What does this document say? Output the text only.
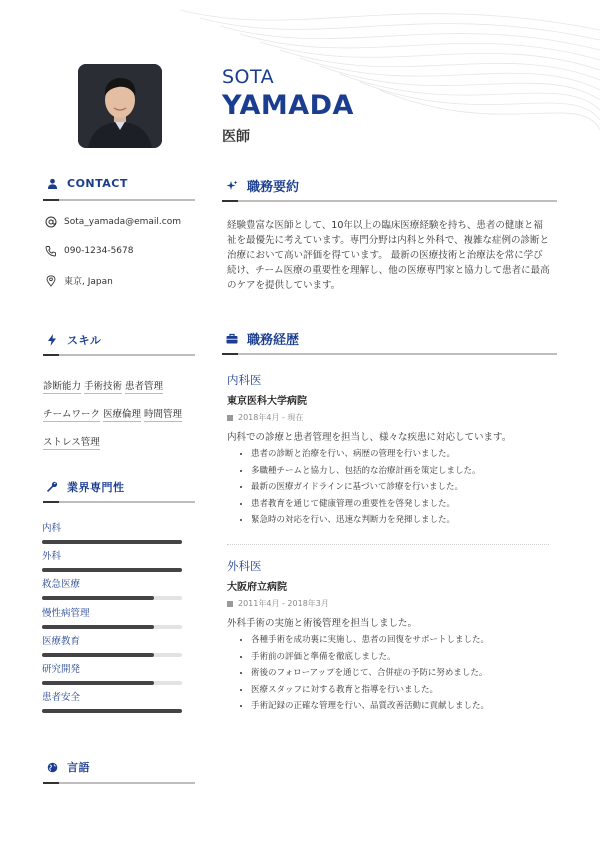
SOTA
YAMADA
医師
CONTACT
Sota_yamada@email.com
090-1234-5678
東京, Japan
スキル
診断能力 手術技術 患者管理
チームワーク 医療倫理 時間管理
ストレス管理
業界専門性
内科
外科
救急医療
慢性病管理
医療教育
研究開発
患者安全
言語
職務要約
経験豊富な医師として、10年以上の臨床医療経験を持ち、患者の健康と福祉を最優先に考えています。専門分野は内科と外科で、複雑な症例の診断と治療において高い評価を得ています。 最新の医療技術と治療法を常に学び続け、チーム医療の重要性を理解し、他の医療専門家と協力して患者に最高のケアを提供しています。
職務経歴
内科医
東京医科大学病院
2018年4月 - 現在
内科での診療と患者管理を担当し、様々な疾患に対応しています。
• 患者の診断と治療を行い、病歴の管理を行いました。
• 多職種チームと協力し、包括的な治療計画を策定しました。
• 最新の医療ガイドラインに基づいて診療を行いました。
• 患者教育を通じて健康管理の重要性を啓発しました。
• 緊急時の対応を行い、迅速な判断力を発揮しました。
外科医
大阪府立病院
2011年4月 - 2018年3月
外科手術の実施と術後管理を担当しました。
• 各種手術を成功裏に実施し、患者の回復をサポートしました。
• 手術前の評価と準備を徹底しました。
• 術後のフォローアップを通じて、合併症の予防に努めました。
• 医療スタッフに対する教育と指導を行いました。
• 手術記録の正確な管理を行い、品質改善活動に貢献しました。
